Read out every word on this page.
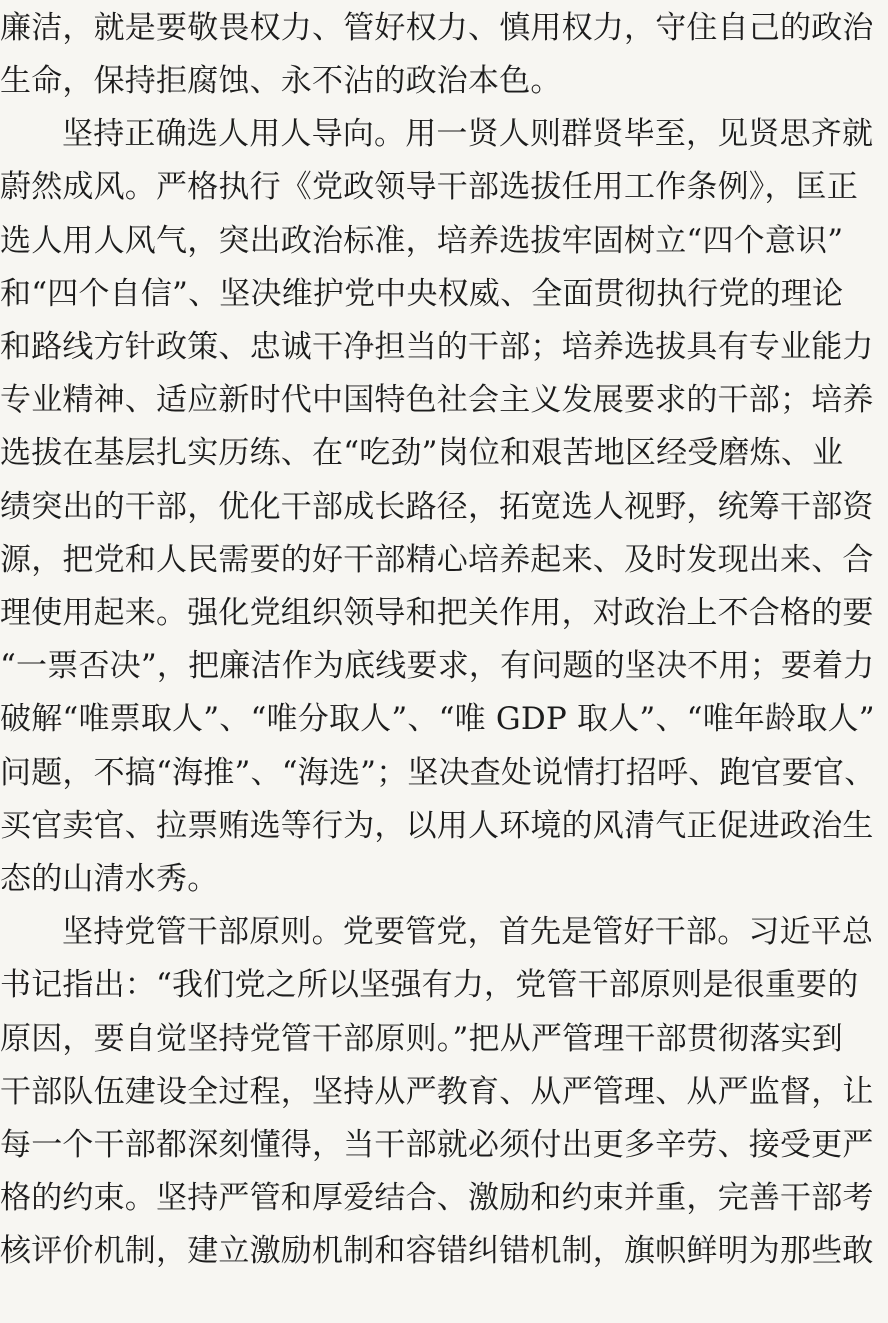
廉洁，就是要敬畏权力、管好权力、慎用权力，守住自己的政治
生命，保持拒腐蚀、永不沾的政治本色。
坚持正确选人用人导向。用一贤人则群贤毕至，见贤思齐就
蔚然成风。严格执行《党政领导干部选拔任用工作条例》，匡正
选人用人风气，突出政治标准，培养选拔牢固树立“四个意识”
和“四个自信”、坚决维护党中央权威、全面贯彻执行党的理论
和路线方针政策、忠诚干净担当的干部；培养选拔具有专业能力
专业精神、适应新时代中国特色社会主义发展要求的干部；培养
选拔在基层扎实历练、在“吃劲”岗位和艰苦地区经受磨炼、业
绩突出的干部，优化干部成长路径，拓宽选人视野，统筹干部资
源，把党和人民需要的好干部精心培养起来、及时发现出来、合
理使用起来。强化党组织领导和把关作用，对政治上不合格的要
“一票否决”，把廉洁作为底线要求，有问题的坚决不用；要着力
破解“唯票取人”、“唯分取人”、“唯 GDP 取人”、“唯年龄取人”
问题，不搞“海推”、“海选”；坚决查处说情打招呼、跑官要官、
买官卖官、拉票贿选等行为，以用人环境的风清气正促进政治生
态的山清水秀。
坚持党管干部原则。党要管党，首先是管好干部。习近平总
书记指出：“我们党之所以坚强有力，党管干部原则是很重要的
原因，要自觉坚持党管干部原则。”把从严管理干部贯彻落实到
干部队伍建设全过程，坚持从严教育、从严管理、从严监督，让
每一个干部都深刻懂得，当干部就必须付出更多辛劳、接受更严
格的约束。坚持严管和厚爱结合、激励和约束并重，完善干部考
核评价机制，建立激励机制和容错纠错机制，旗帜鲜明为那些敢
